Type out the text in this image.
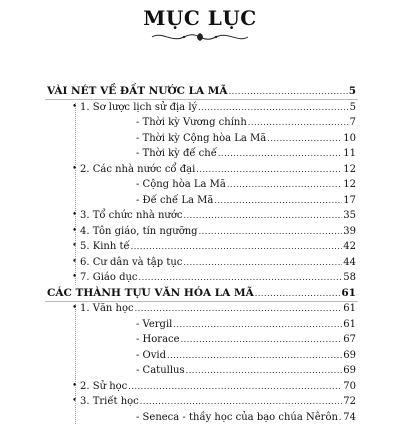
MỤC LỤC
VÀI NÉT VỀ ĐẤT NƯỚC LA MÃ . . .	5
1. Sơ lược lịch sử địa lý . . .	5
•
- Thời kỳ Vương chính . . .	7
- Thời kỳ Cộng hòa La Mã . . .	10
- Thời kỳ đế chế . . .	11
2. Các nhà nước cổ đại . . .	12
•
- Cộng hòa La Mã . . .	12
- Đế chế La Mã . . .	17
3. Tổ chức nhà nước . . .	35
•
4. Tôn giáo, tín ngưỡng . . .	39
•
5. Kinh tế . . .	42
•
6. Cư dân và tập tục . . .	44
•
7. Giáo dục . . .	58
•
CÁC THÀNH TỰU VĂN HÓA LA MÃ . . .	61
1. Văn học . . .	61
•
- Vergil . . .	61
- Horace . . .	67
- Ovid . . .	69
- Catullus . . .	69
2. Sử học . . .	70
•
3. Triết học . . .	72
•
- Seneca - thầy học của bạo chúa Nêrôn . . . 74
